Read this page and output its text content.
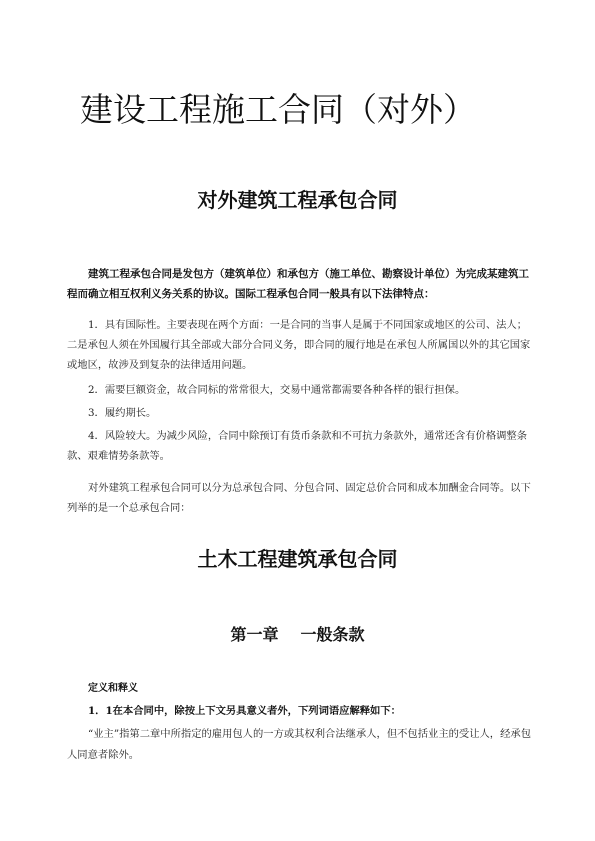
建设工程施工合同（对外）
对外建筑工程承包合同

建筑工程承包合同是发包方（建筑单位）和承包方（施工单位、勘察设计单位）为完成某建筑工程而确立相互权利义务关系的协议。国际工程承包合同一般具有以下法律特点：

1．具有国际性。主要表现在两个方面：一是合同的当事人是属于不同国家或地区的公司、法人；二是承包人须在外国履行其全部或大部分合同义务，即合同的履行地是在承包人所属国以外的其它国家或地区，故涉及到复杂的法律适用问题。

2．需要巨额资金，故合同标的常常很大，交易中通常都需要各种各样的银行担保。

3．履约期长。

4．风险较大。为减少风险，合同中除预订有货币条款和不可抗力条款外，通常还含有价格调整条款、艰难情势条款等。

对外建筑工程承包合同可以分为总承包合同、分包合同、固定总价合同和成本加酬金合同等。以下列举的是一个总承包合同：

土木工程建筑承包合同
第一章 一般条款

定义和释义

1．1在本合同中，除按上下文另具意义者外，下列词语应解释如下：

“业主”指第二章中所指定的雇用包人的一方或其权利合法继承人，但不包括业主的受让人，经承包人同意者除外。
